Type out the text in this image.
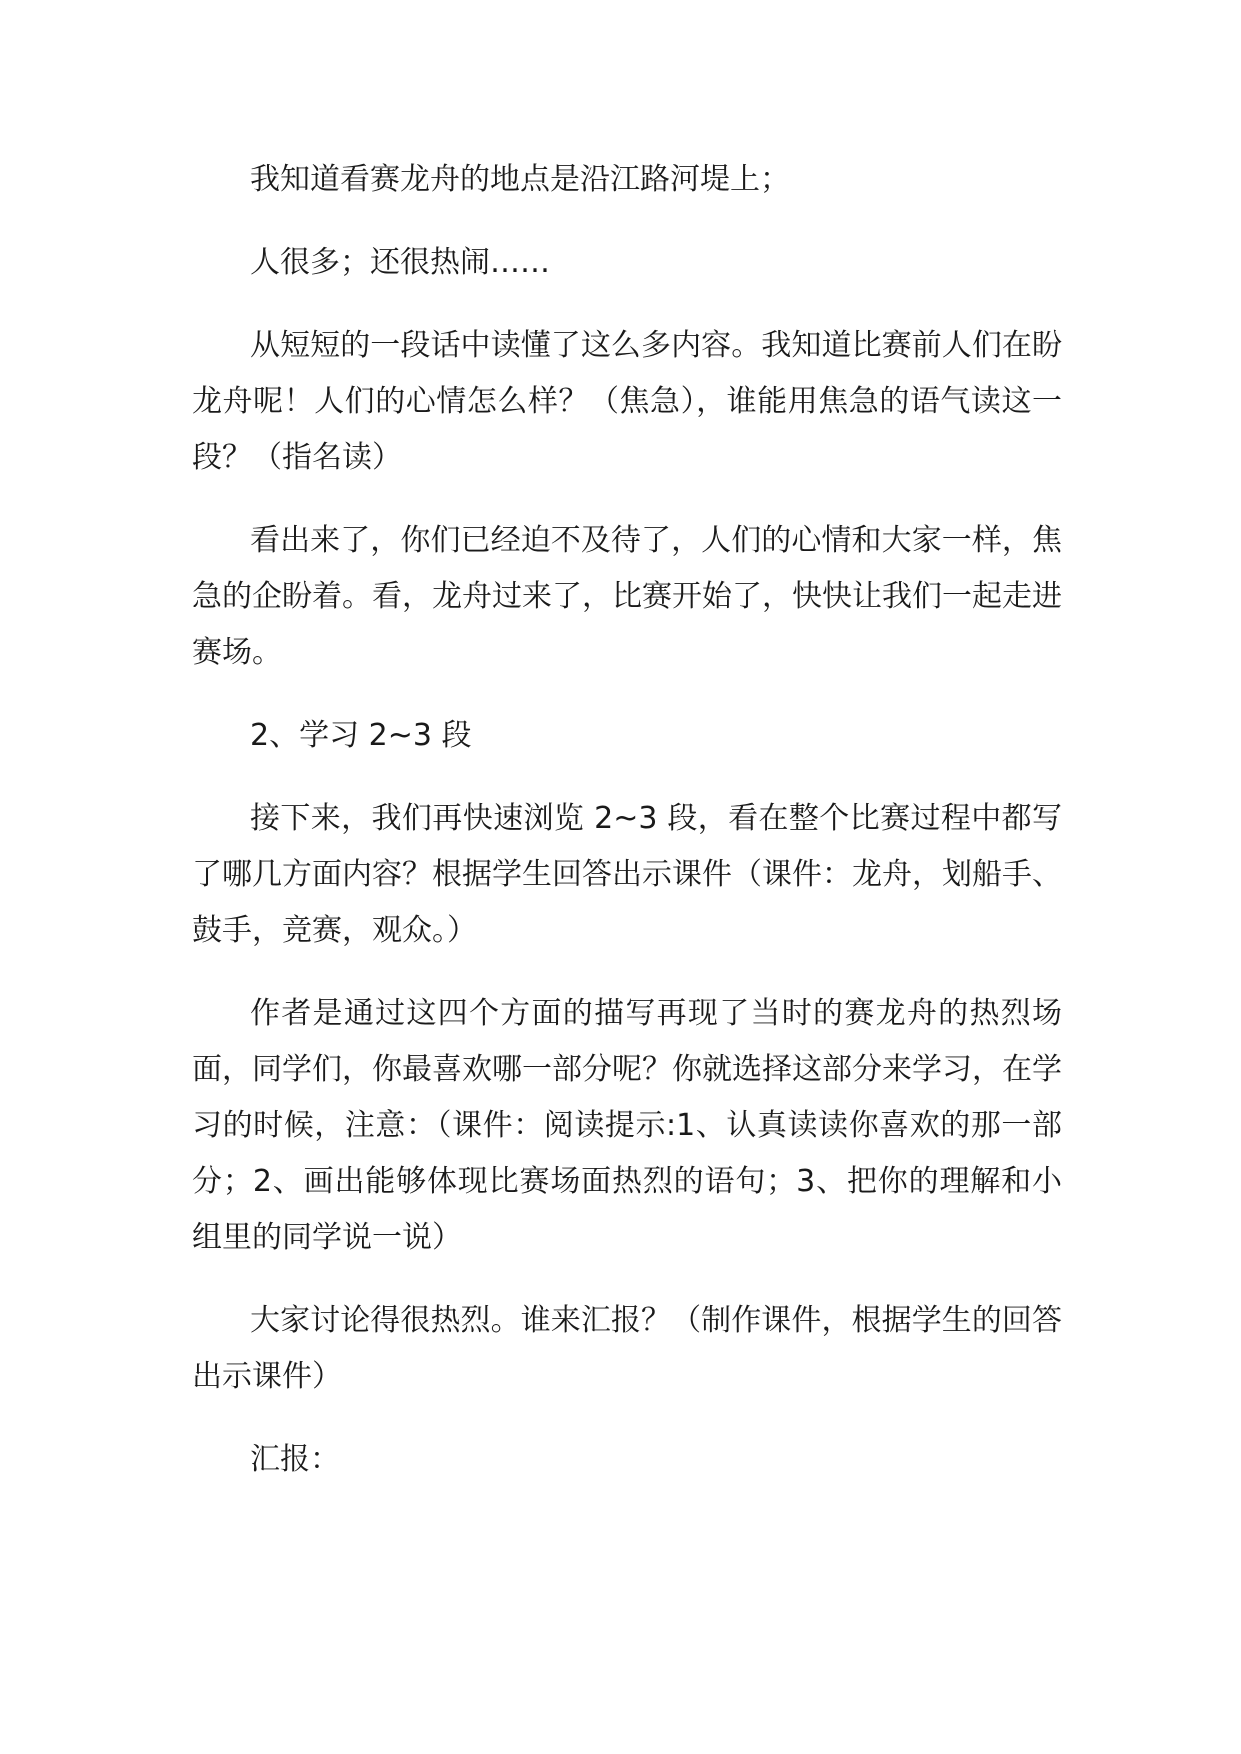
我知道看赛龙舟的地点是沿江路河堤上；

人很多；还很热闹……

从短短的一段话中读懂了这么多内容。我知道比赛前人们在盼龙舟呢！人们的心情怎么样？（焦急），谁能用焦急的语气读这一段？（指名读）

看出来了，你们已经迫不及待了，人们的心情和大家一样，焦急的企盼着。看，龙舟过来了，比赛开始了，快快让我们一起走进赛场。

2、学习 2~3 段

接下来，我们再快速浏览 2~3 段，看在整个比赛过程中都写了哪几方面内容？根据学生回答出示课件（课件：龙舟，划船手、鼓手，竞赛，观众。）

作者是通过这四个方面的描写再现了当时的赛龙舟的热烈场面，同学们，你最喜欢哪一部分呢？你就选择这部分来学习，在学习的时候，注意：（课件：阅读提示:1、认真读读你喜欢的那一部分；2、画出能够体现比赛场面热烈的语句；3、把你的理解和小组里的同学说一说）

大家讨论得很热烈。谁来汇报？（制作课件，根据学生的回答出示课件）

汇报：
